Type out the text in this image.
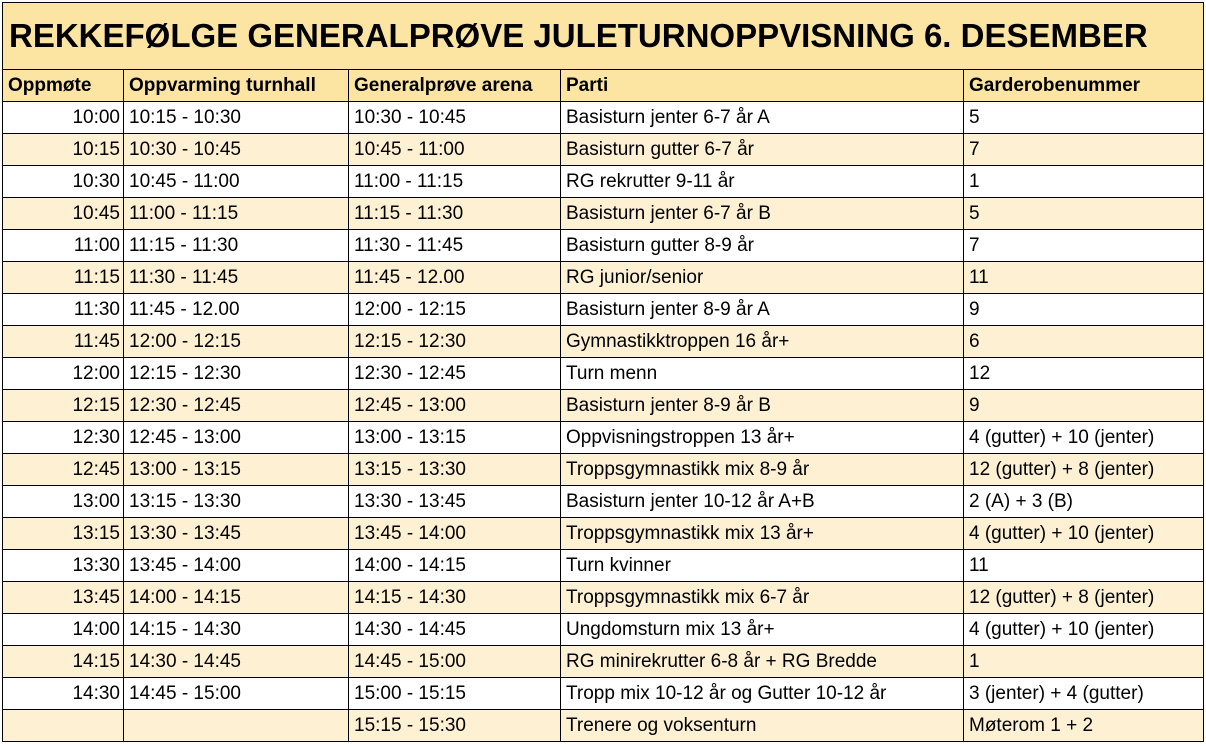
REKKEFØLGE GENERALPRØVE JULETURNOPPVISNING 6. DESEMBER				
Oppmøte	Oppvarming turnhall	Generalprøve arena	Parti	Garderobenummer
10:00	10:15 - 10:30	10:30 - 10:45	Basisturn jenter 6-7 år A	5
10:15	10:30 - 10:45	10:45 - 11:00	Basisturn gutter 6-7 år	7
10:30	10:45 - 11:00	11:00 - 11:15	RG rekrutter 9-11 år	1
10:45	11:00 - 11:15	11:15 - 11:30	Basisturn jenter 6-7 år B	5
11:00	11:15 - 11:30	11:30 - 11:45	Basisturn gutter 8-9 år	7
11:15	11:30 - 11:45	11:45 - 12.00	RG junior/senior	11
11:30	11:45 - 12.00	12:00 - 12:15	Basisturn jenter 8-9 år A	9
11:45	12:00 - 12:15	12:15 - 12:30	Gymnastikktroppen 16 år+	6
12:00	12:15 - 12:30	12:30 - 12:45	Turn menn	12
12:15	12:30 - 12:45	12:45 - 13:00	Basisturn jenter 8-9 år B	9
12:30	12:45 - 13:00	13:00 - 13:15	Oppvisningstroppen 13 år+	4 (gutter) + 10 (jenter)
12:45	13:00 - 13:15	13:15 - 13:30	Troppsgymnastikk mix 8-9 år	12 (gutter) + 8 (jenter)
13:00	13:15 - 13:30	13:30 - 13:45	Basisturn jenter 10-12 år A+B	2 (A) + 3 (B)
13:15	13:30 - 13:45	13:45 - 14:00	Troppsgymnastikk mix 13 år+	4 (gutter) + 10 (jenter)
13:30	13:45 - 14:00	14:00 - 14:15	Turn kvinner	11
13:45	14:00 - 14:15	14:15 - 14:30	Troppsgymnastikk mix 6-7 år	12 (gutter) + 8 (jenter)
14:00	14:15 - 14:30	14:30 - 14:45	Ungdomsturn mix 13 år+	4 (gutter) + 10 (jenter)
14:15	14:30 - 14:45	14:45 - 15:00	RG minirekrutter 6-8 år + RG Bredde	1
14:30	14:45 - 15:00	15:00 - 15:15	Tropp mix 10-12 år og Gutter 10-12 år	3 (jenter) + 4 (gutter)
		15:15 - 15:30	Trenere og voksenturn	Møterom 1 + 2
